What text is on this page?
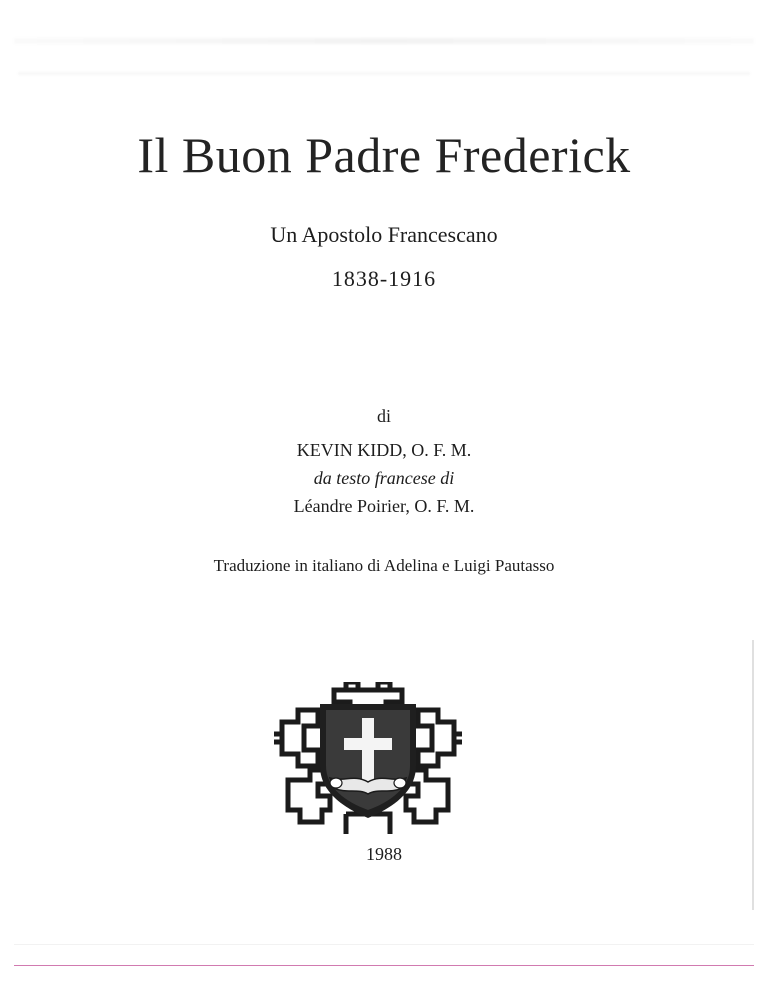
Il Buon Padre Frederick
Un Apostolo Francescano
1838-1916
di
KEVIN KIDD, O. F. M.
da testo francese di
Léandre Poirier, O. F. M.
Traduzione in italiano di Adelina e Luigi Pautasso
1988
